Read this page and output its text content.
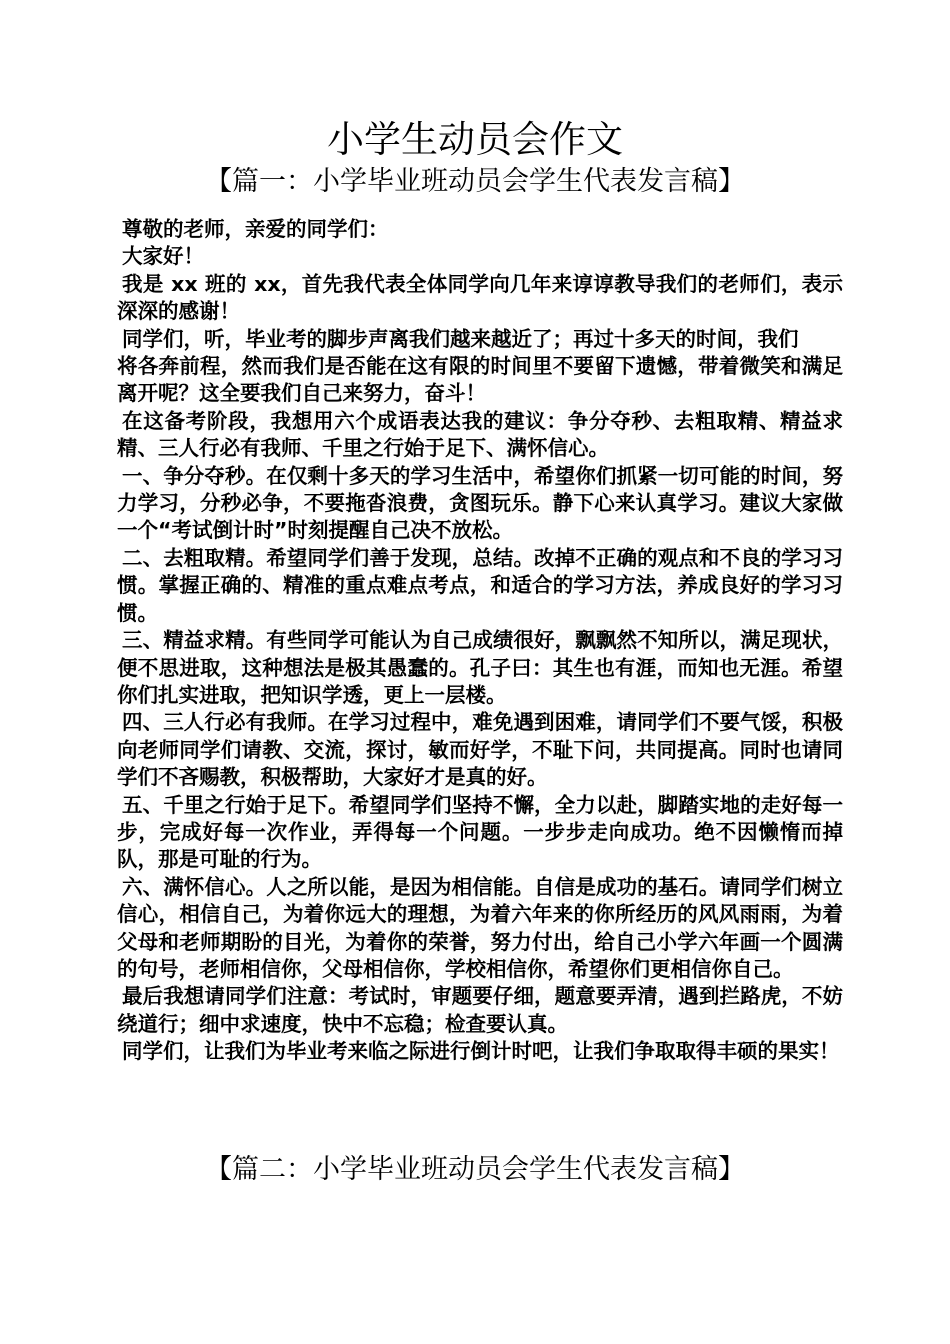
小学生动员会作文
【篇一：小学毕业班动员会学生代表发言稿】

尊敬的老师，亲爱的同学们：

大家好！

我是 xx 班的 xx，首先我代表全体同学向几年来谆谆教导我们的老师们，表示深深的感谢！

同学们，听，毕业考的脚步声离我们越来越近了；再过十多天的时间，我们

将各奔前程，然而我们是否能在这有限的时间里不要留下遗憾，带着微笑和满足离开呢？这全要我们自己来努力，奋斗！

在这备考阶段，我想用六个成语表达我的建议：争分夺秒、去粗取精、精益求精、三人行必有我师、千里之行始于足下、满怀信心。

一、争分夺秒。在仅剩十多天的学习生活中，希望你们抓紧一切可能的时间，努力学习，分秒必争，不要拖沓浪费，贪图玩乐。静下心来认真学习。建议大家做一个“考试倒计时”时刻提醒自己决不放松。

二、去粗取精。希望同学们善于发现，总结。改掉不正确的观点和不良的学习习惯。掌握正确的、精准的重点难点考点，和适合的学习方法，养成良好的学习习惯。

三、精益求精。有些同学可能认为自己成绩很好，飘飘然不知所以，满足现状，便不思进取，这种想法是极其愚蠢的。孔子曰：其生也有涯，而知也无涯。希望你们扎实进取，把知识学透，更上一层楼。

四、三人行必有我师。在学习过程中，难免遇到困难，请同学们不要气馁，积极向老师同学们请教、交流，探讨，敏而好学，不耻下问，共同提高。同时也请同学们不吝赐教，积极帮助，大家好才是真的好。

五、千里之行始于足下。希望同学们坚持不懈，全力以赴，脚踏实地的走好每一步，完成好每一次作业，弄得每一个问题。一步步走向成功。绝不因懒惰而掉队，那是可耻的行为。

六、满怀信心。人之所以能，是因为相信能。自信是成功的基石。请同学们树立信心，相信自己，为着你远大的理想，为着六年来的你所经历的风风雨雨，为着父母和老师期盼的目光，为着你的荣誉，努力付出，给自己小学六年画一个圆满的句号，老师相信你，父母相信你，学校相信你，希望你们更相信你自己。

最后我想请同学们注意：考试时，审题要仔细，题意要弄清，遇到拦路虎，不妨绕道行；细中求速度，快中不忘稳；检查要认真。

同学们，让我们为毕业考来临之际进行倒计时吧，让我们争取取得丰硕的果实！

【篇二：小学毕业班动员会学生代表发言稿】
